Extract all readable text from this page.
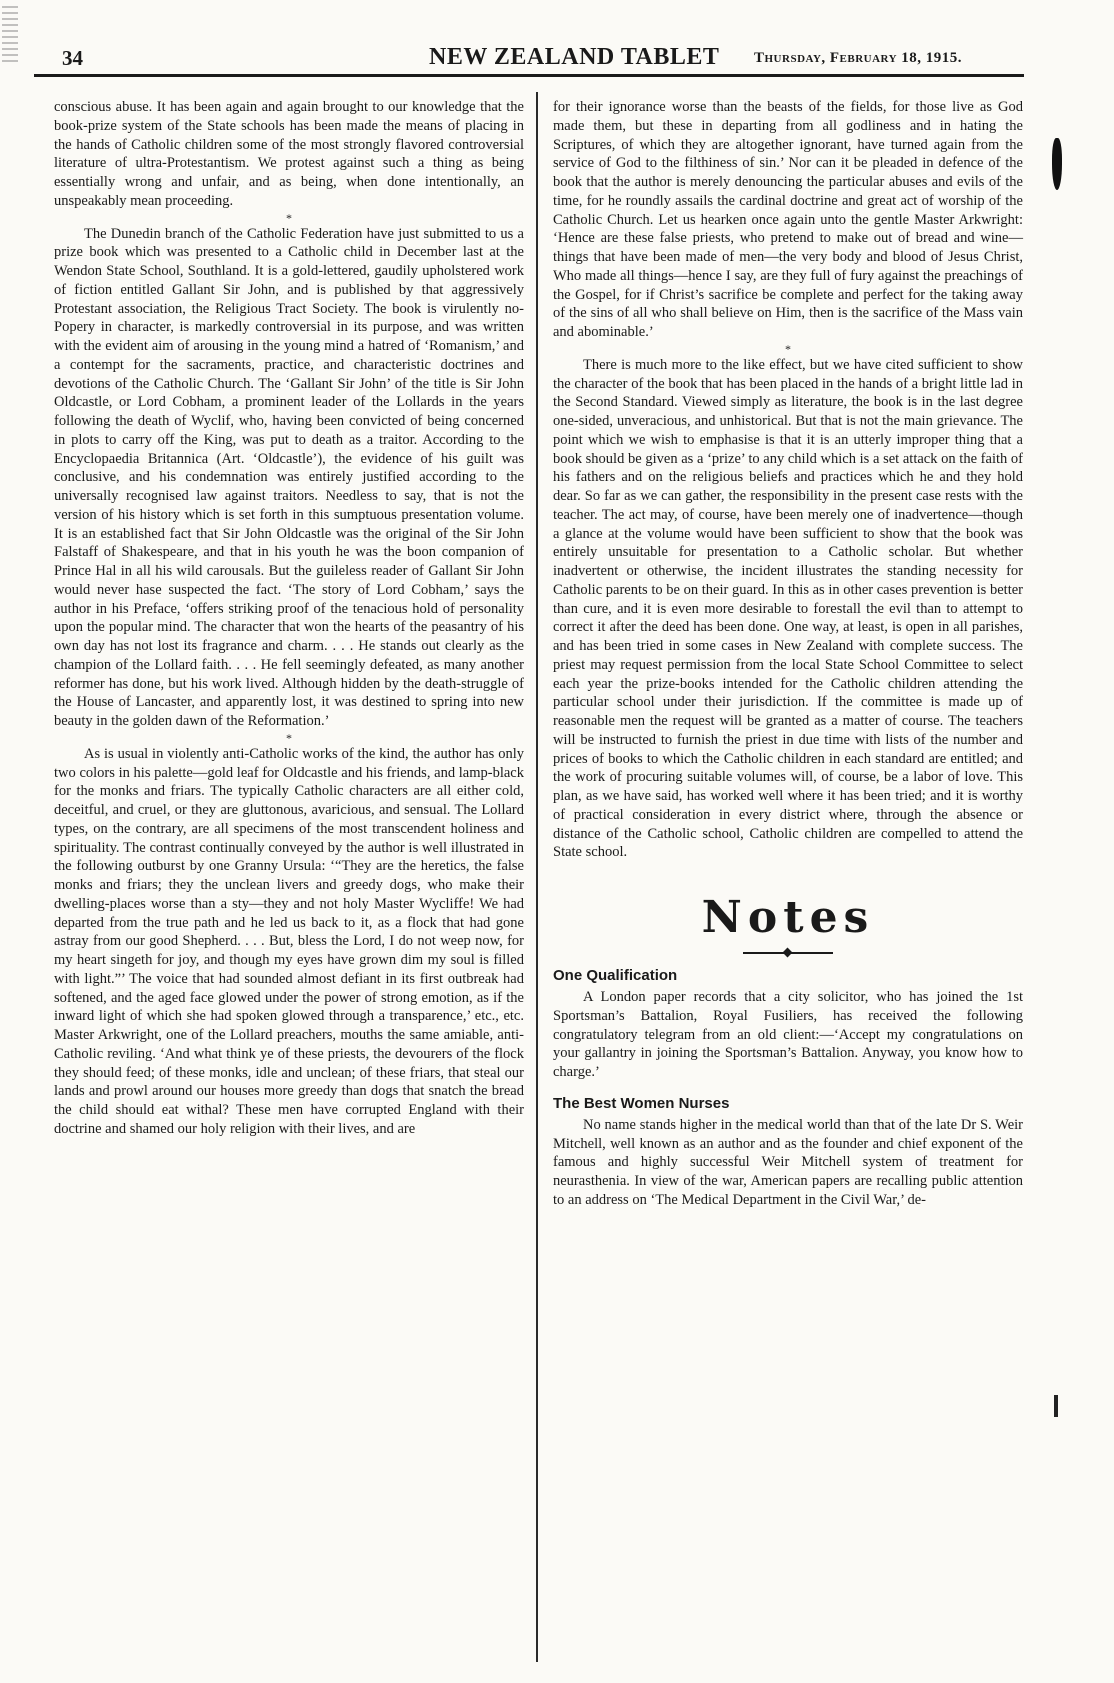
34	NEW ZEALAND TABLET Thursday, February 18, 1915.

conscious abuse. It has been again and again brought to our knowledge that the book-prize system of the State schools has been made the means of placing in the hands of Catholic children some of the most strongly flavored controversial literature of ultra-Protestantism. We protest against such a thing as being essentially wrong and unfair, and as being, when done intentionally, an unspeakably mean proceeding.

*

The Dunedin branch of the Catholic Federation have just submitted to us a prize book which was presented to a Catholic child in December last at the Wendon State School, Southland. It is a gold-lettered, gaudily upholstered work of fiction entitled Gallant Sir John, and is published by that aggressively Protestant association, the Religious Tract Society. The book is virulently no-Popery in character, is markedly controversial in its purpose, and was written with the evident aim of arousing in the young mind a hatred of ‘Romanism,’ and a contempt for the sacraments, practice, and characteristic doctrines and devotions of the Catholic Church. The ‘Gallant Sir John’ of the title is Sir John Oldcastle, or Lord Cobham, a prominent leader of the Lollards in the years following the death of Wyclif, who, having been convicted of being concerned in plots to carry off the King, was put to death as a traitor. According to the Encyclopaedia Britannica (Art. ‘Oldcastle’), the evidence of his guilt was conclusive, and his condemnation was entirely justified according to the universally recognised law against traitors. Needless to say, that is not the version of his history which is set forth in this sumptuous presentation volume. It is an established fact that Sir John Oldcastle was the original of the Sir John Falstaff of Shakespeare, and that in his youth he was the boon companion of Prince Hal in all his wild carousals. But the guileless reader of Gallant Sir John would never hase suspected the fact. ‘The story of Lord Cobham,’ says the author in his Preface, ‘offers striking proof of the tenacious hold of personality upon the popular mind. The character that won the hearts of the peasantry of his own day has not lost its fragrance and charm. . . . He stands out clearly as the champion of the Lollard faith. . . . He fell seemingly defeated, as many another reformer has done, but his work lived. Although hidden by the death-struggle of the House of Lancaster, and apparently lost, it was destined to spring into new beauty in the golden dawn of the Reformation.’

*

As is usual in violently anti-Catholic works of the kind, the author has only two colors in his palette—gold leaf for Oldcastle and his friends, and lamp-black for the monks and friars. The typically Catholic characters are all either cold, deceitful, and cruel, or they are gluttonous, avaricious, and sensual. The Lollard types, on the contrary, are all specimens of the most transcendent holiness and spirituality. The contrast continually conveyed by the author is well illustrated in the following outburst by one Granny Ursula: ‘“They are the heretics, the false monks and friars; they the unclean livers and greedy dogs, who make their dwelling-places worse than a sty—they and not holy Master Wycliffe! We had departed from the true path and he led us back to it, as a flock that had gone astray from our good Shepherd. . . . But, bless the Lord, I do not weep now, for my heart singeth for joy, and though my eyes have grown dim my soul is filled with light.”’ The voice that had sounded almost defiant in its first outbreak had softened, and the aged face glowed under the power of strong emotion, as if the inward light of which she had spoken glowed through a transparence,’ etc., etc. Master Arkwright, one of the Lollard preachers, mouths the same amiable, anti-Catholic reviling. ‘And what think ye of these priests, the devourers of the flock they should feed; of these monks, idle and unclean; of these friars, that steal our lands and prowl around our houses more greedy than dogs that snatch the bread the child should eat withal? These men have corrupted England with their doctrine and shamed our holy religion with their lives, and are

for their ignorance worse than the beasts of the fields, for those live as God made them, but these in departing from all godliness and in hating the Scriptures, of which they are altogether ignorant, have turned again from the service of God to the filthiness of sin.’ Nor can it be pleaded in defence of the book that the author is merely denouncing the particular abuses and evils of the time, for he roundly assails the cardinal doctrine and great act of worship of the Catholic Church. Let us hearken once again unto the gentle Master Arkwright: ‘Hence are these false priests, who pretend to make out of bread and wine—things that have been made of men—the very body and blood of Jesus Christ, Who made all things—hence I say, are they full of fury against the preachings of the Gospel, for if Christ’s sacrifice be complete and perfect for the taking away of the sins of all who shall believe on Him, then is the sacrifice of the Mass vain and abominable.’

*

There is much more to the like effect, but we have cited sufficient to show the character of the book that has been placed in the hands of a bright little lad in the Second Standard. Viewed simply as literature, the book is in the last degree one-sided, unveracious, and unhistorical. But that is not the main grievance. The point which we wish to emphasise is that it is an utterly improper thing that a book should be given as a ‘prize’ to any child which is a set attack on the faith of his fathers and on the religious beliefs and practices which he and they hold dear. So far as we can gather, the responsibility in the present case rests with the teacher. The act may, of course, have been merely one of inadvertence—though a glance at the volume would have been sufficient to show that the book was entirely unsuitable for presentation to a Catholic scholar. But whether inadvertent or otherwise, the incident illustrates the standing necessity for Catholic parents to be on their guard. In this as in other cases prevention is better than cure, and it is even more desirable to forestall the evil than to attempt to correct it after the deed has been done. One way, at least, is open in all parishes, and has been tried in some cases in New Zealand with complete success. The priest may request permission from the local State School Committee to select each year the prize-books intended for the Catholic children attending the particular school under their jurisdiction. If the committee is made up of reasonable men the request will be granted as a matter of course. The teachers will be instructed to furnish the priest in due time with lists of the number and prices of books to which the Catholic children in each standard are entitled; and the work of procuring suitable volumes will, of course, be a labor of love. This plan, as we have said, has worked well where it has been tried; and it is worthy of practical consideration in every district where, through the absence or distance of the Catholic school, Catholic children are compelled to attend the State school.

Notes
One Qualification

A London paper records that a city solicitor, who has joined the 1st Sportsman’s Battalion, Royal Fusiliers, has received the following congratulatory telegram from an old client:—‘Accept my congratulations on your gallantry in joining the Sportsman’s Battalion. Anyway, you know how to charge.’

The Best Women Nurses

No name stands higher in the medical world than that of the late Dr S. Weir Mitchell, well known as an author and as the founder and chief exponent of the famous and highly successful Weir Mitchell system of treatment for neurasthenia. In view of the war, American papers are recalling public attention to an address on ‘The Medical Department in the Civil War,’ de-
